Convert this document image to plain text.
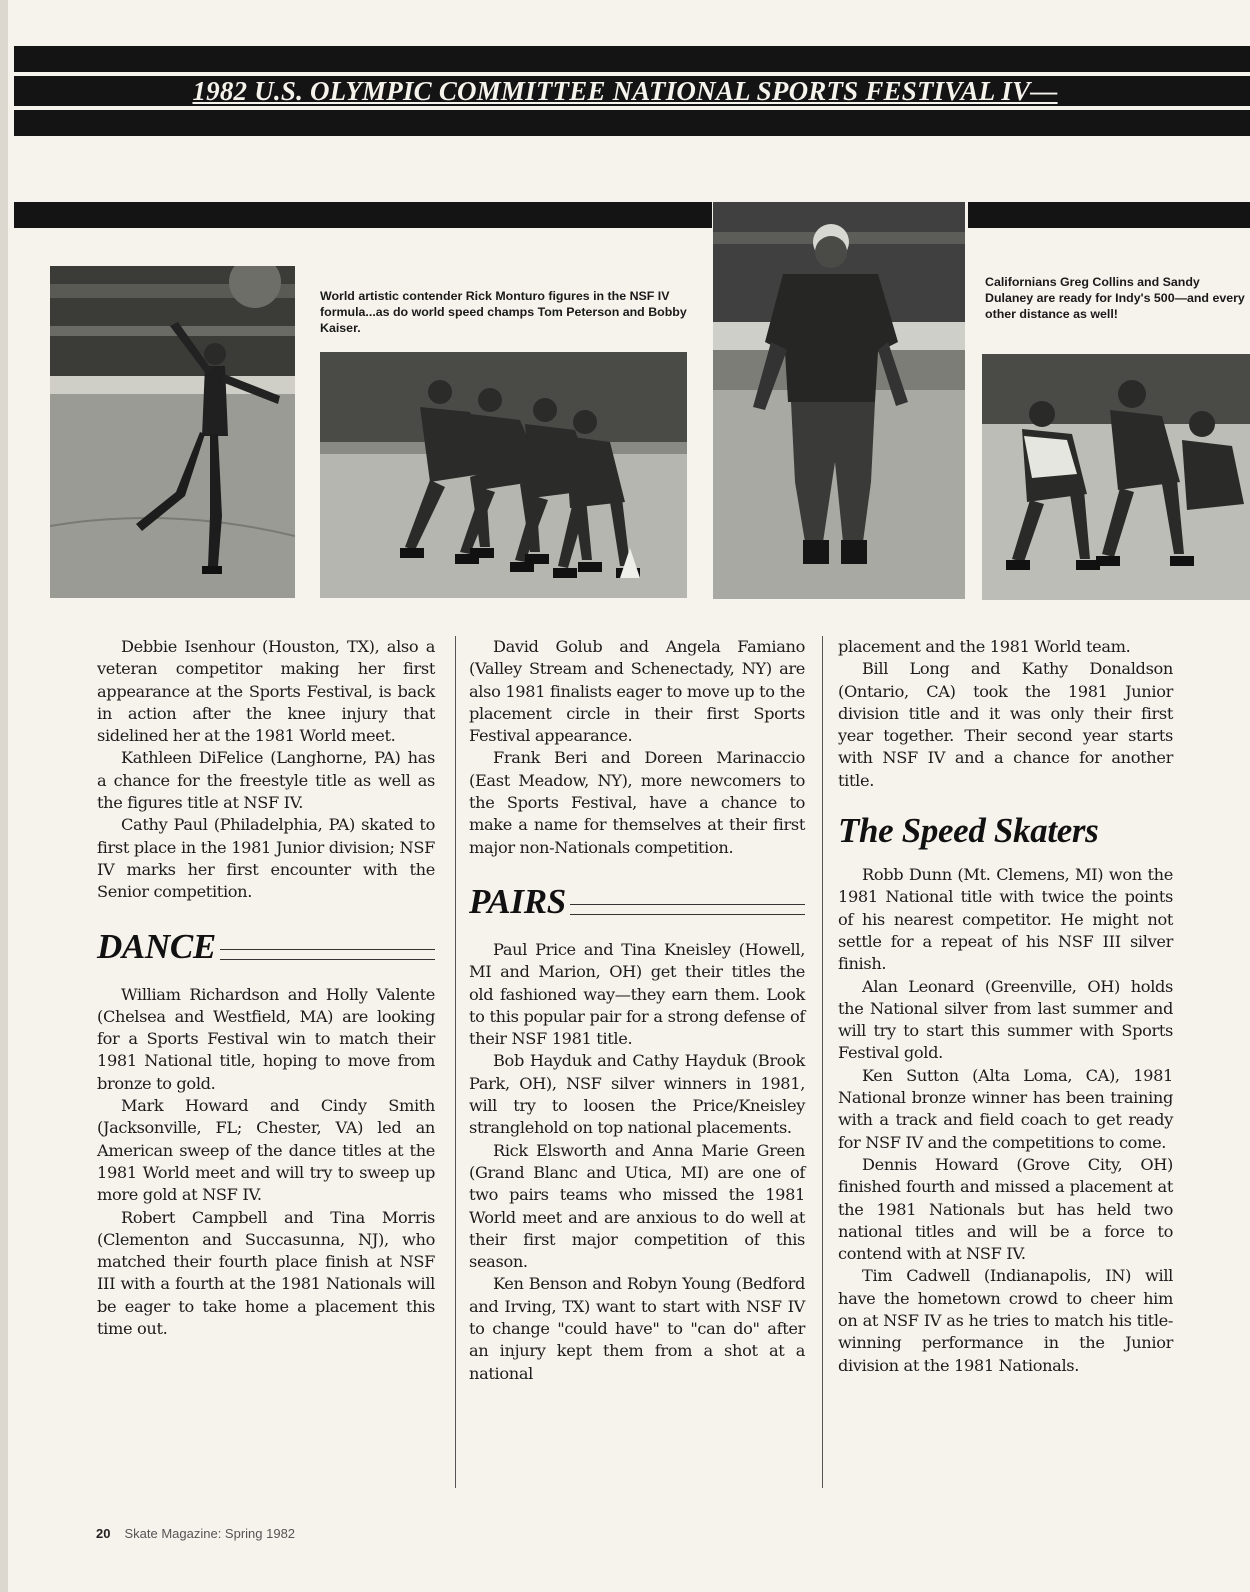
1982 U.S. OLYMPIC COMMITTEE NATIONAL SPORTS FESTIVAL IV—
World artistic contender Rick Monturo figures in the NSF IV formula...as do world speed champs Tom Peterson and Bobby Kaiser.
Californians Greg Collins and Sandy Dulaney are ready for Indy's 500—and every other distance as well!

Debbie Isenhour (Houston, TX), also a veteran competitor making her first appearance at the Sports Festival, is back in action after the knee injury that sidelined her at the 1981 World meet.

Kathleen DiFelice (Langhorne, PA) has a chance for the freestyle title as well as the figures title at NSF IV.

Cathy Paul (Philadelphia, PA) skated to first place in the 1981 Junior division; NSF IV marks her first encounter with the Senior competition.

DANCE

William Richardson and Holly Valente (Chelsea and Westfield, MA) are looking for a Sports Festival win to match their 1981 National title, hoping to move from bronze to gold.

Mark Howard and Cindy Smith (Jacksonville, FL; Chester, VA) led an American sweep of the dance titles at the 1981 World meet and will try to sweep up more gold at NSF IV.

Robert Campbell and Tina Morris (Clementon and Succasunna, NJ), who matched their fourth place finish at NSF III with a fourth at the 1981 Nationals will be eager to take home a placement this time out.

David Golub and Angela Famiano (Valley Stream and Schenectady, NY) are also 1981 finalists eager to move up to the placement circle in their first Sports Festival appearance.

Frank Beri and Doreen Marinaccio (East Meadow, NY), more newcomers to the Sports Festival, have a chance to make a name for themselves at their first major non-Nationals competition.

PAIRS

Paul Price and Tina Kneisley (Howell, MI and Marion, OH) get their titles the old fashioned way—they earn them. Look to this popular pair for a strong defense of their NSF 1981 title.

Bob Hayduk and Cathy Hayduk (Brook Park, OH), NSF silver winners in 1981, will try to loosen the Price/Kneisley stranglehold on top national placements.

Rick Elsworth and Anna Marie Green (Grand Blanc and Utica, MI) are one of two pairs teams who missed the 1981 World meet and are anxious to do well at their first major competition of this season.

Ken Benson and Robyn Young (Bedford and Irving, TX) want to start with NSF IV to change "could have" to "can do" after an injury kept them from a shot at a national

placement and the 1981 World team.

Bill Long and Kathy Donaldson (Ontario, CA) took the 1981 Junior division title and it was only their first year together. Their second year starts with NSF IV and a chance for another title.

The Speed Skaters

Robb Dunn (Mt. Clemens, MI) won the 1981 National title with twice the points of his nearest competitor. He might not settle for a repeat of his NSF III silver finish.

Alan Leonard (Greenville, OH) holds the National silver from last summer and will try to start this summer with Sports Festival gold.

Ken Sutton (Alta Loma, CA), 1981 National bronze winner has been training with a track and field coach to get ready for NSF IV and the competitions to come.

Dennis Howard (Grove City, OH) finished fourth and missed a placement at the 1981 Nationals but has held two national titles and will be a force to contend with at NSF IV.

Tim Cadwell (Indianapolis, IN) will have the hometown crowd to cheer him on at NSF IV as he tries to match his title-winning performance in the Junior division at the 1981 Nationals.

20 Skate Magazine: Spring 1982
